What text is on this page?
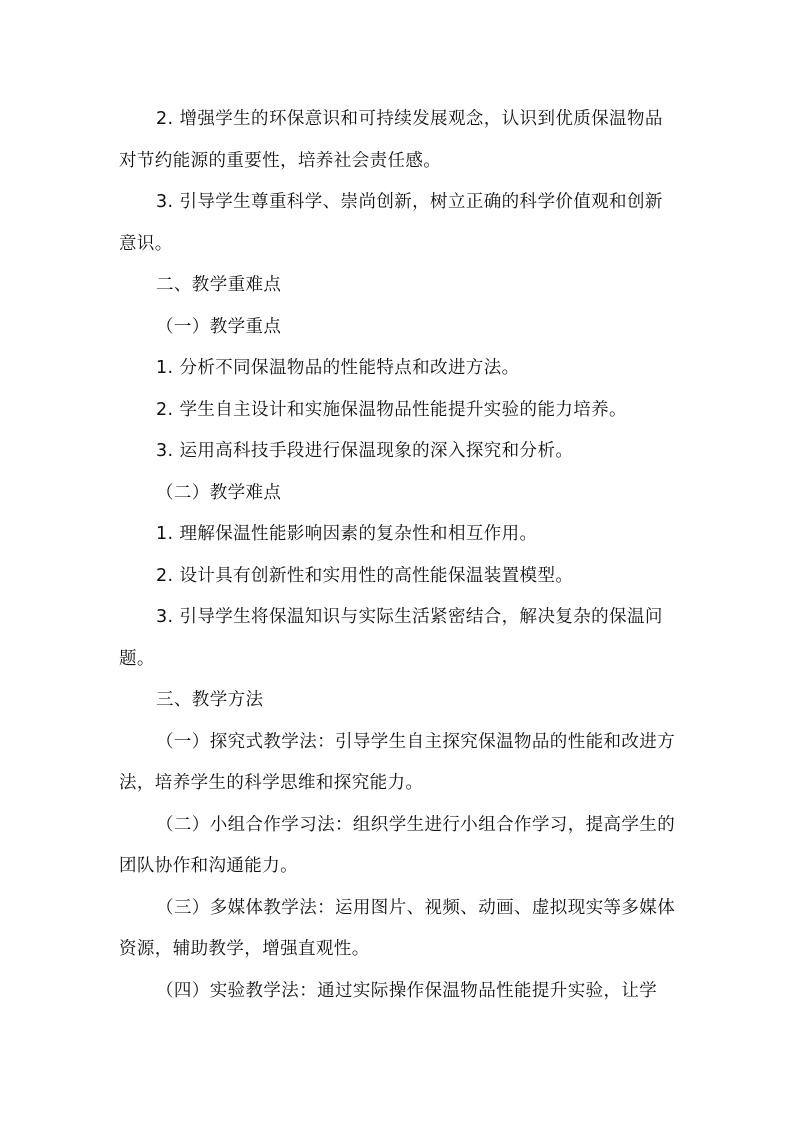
2. 增强学生的环保意识和可持续发展观念，认识到优质保温物品对节约能源的重要性，培养社会责任感。

3. 引导学生尊重科学、崇尚创新，树立正确的科学价值观和创新意识。

二、教学重难点

（一）教学重点

1. 分析不同保温物品的性能特点和改进方法。

2. 学生自主设计和实施保温物品性能提升实验的能力培养。

3. 运用高科技手段进行保温现象的深入探究和分析。

（二）教学难点

1. 理解保温性能影响因素的复杂性和相互作用。

2. 设计具有创新性和实用性的高性能保温装置模型。

3. 引导学生将保温知识与实际生活紧密结合，解决复杂的保温问题。

三、教学方法

（一）探究式教学法：引导学生自主探究保温物品的性能和改进方法，培养学生的科学思维和探究能力。

（二）小组合作学习法：组织学生进行小组合作学习，提高学生的团队协作和沟通能力。

（三）多媒体教学法：运用图片、视频、动画、虚拟现实等多媒体资源，辅助教学，增强直观性。

（四）实验教学法：通过实际操作保温物品性能提升实验，让学
